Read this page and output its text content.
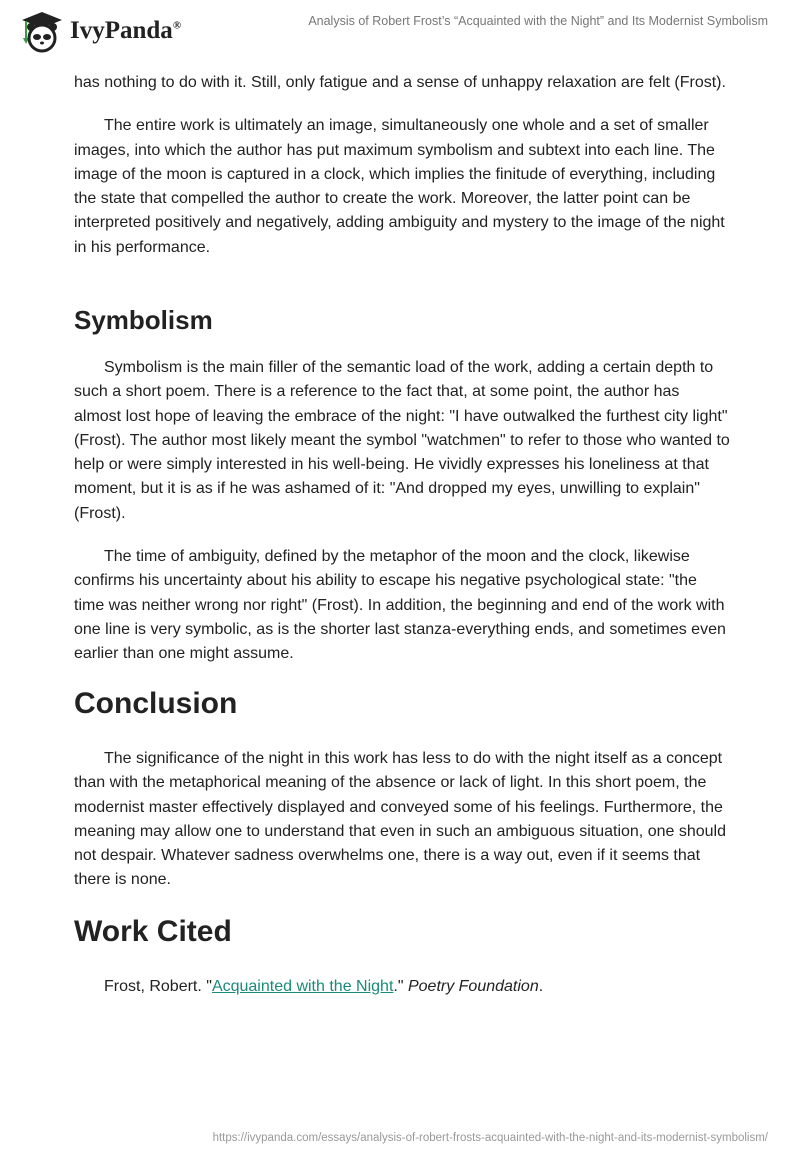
IvyPanda®	Analysis of Robert Frost’s “Acquainted with the Night” and Its Modernist Symbolism

has nothing to do with it. Still, only fatigue and a sense of unhappy relaxation are felt (Frost).

The entire work is ultimately an image, simultaneously one whole and a set of smaller images, into which the author has put maximum symbolism and subtext into each line. The image of the moon is captured in a clock, which implies the finitude of everything, including the state that compelled the author to create the work. Moreover, the latter point can be interpreted positively and negatively, adding ambiguity and mystery to the image of the night in his performance.

Symbolism

Symbolism is the main filler of the semantic load of the work, adding a certain depth to such a short poem. There is a reference to the fact that, at some point, the author has almost lost hope of leaving the embrace of the night: "I have outwalked the furthest city light" (Frost). The author most likely meant the symbol "watchmen" to refer to those who wanted to help or were simply interested in his well-being. He vividly expresses his loneliness at that moment, but it is as if he was ashamed of it: "And dropped my eyes, unwilling to explain" (Frost).

The time of ambiguity, defined by the metaphor of the moon and the clock, likewise confirms his uncertainty about his ability to escape his negative psychological state: "the time was neither wrong nor right" (Frost). In addition, the beginning and end of the work with one line is very symbolic, as is the shorter last stanza-everything ends, and sometimes even earlier than one might assume.

Conclusion

The significance of the night in this work has less to do with the night itself as a concept than with the metaphorical meaning of the absence or lack of light. In this short poem, the modernist master effectively displayed and conveyed some of his feelings. Furthermore, the meaning may allow one to understand that even in such an ambiguous situation, one should not despair. Whatever sadness overwhelms one, there is a way out, even if it seems that there is none.

Work Cited

Frost, Robert. "Acquainted with the Night." Poetry Foundation.

https://ivypanda.com/essays/analysis-of-robert-frosts-acquainted-with-the-night-and-its-modernist-symbolism/
